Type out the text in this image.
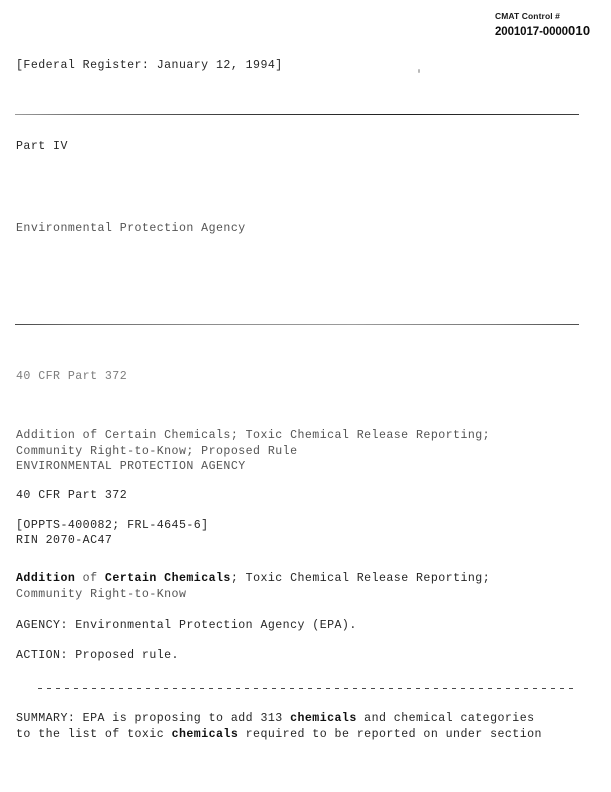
CMAT Control #
2001017-0000010
[Federal Register: January 12, 1994]
Part IV
Environmental Protection Agency
40 CFR Part 372
Addition of Certain Chemicals; Toxic Chemical Release Reporting;
Community Right-to-Know; Proposed Rule
ENVIRONMENTAL PROTECTION AGENCY
40 CFR Part 372
[OPPTS-400082; FRL-4645-6]
RIN 2070-AC47
Addition of Certain Chemicals; Toxic Chemical Release Reporting;
Community Right-to-Know
AGENCY: Environmental Protection Agency (EPA).
ACTION: Proposed rule.
SUMMARY: EPA is proposing to add 313 chemicals and chemical categories
to the list of toxic chemicals required to be reported on under section
